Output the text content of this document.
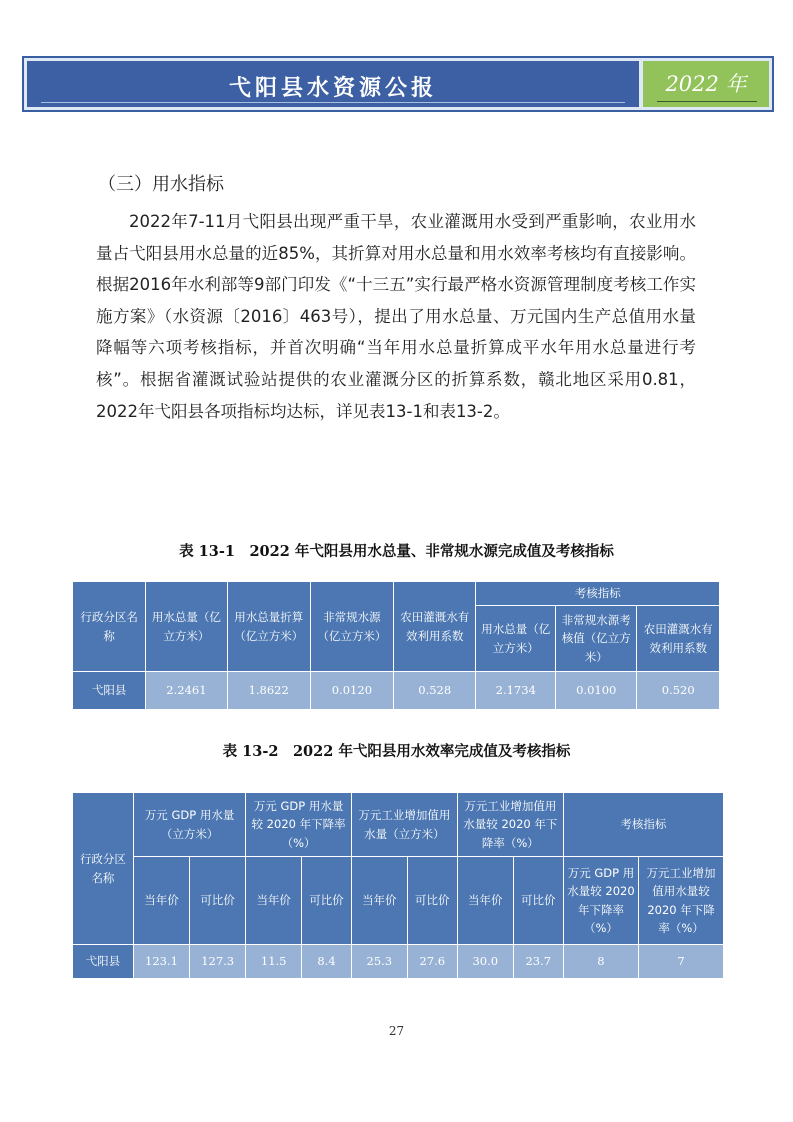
弋阳县水资源公报	2022 年
（三）用水指标

2022年7-11月弋阳县出现严重干旱，农业灌溉用水受到严重影响，农业用水量占弋阳县用水总量的近85%，其折算对用水总量和用水效率考核均有直接影响。根据2016年水利部等9部门印发《“十三五”实行最严格水资源管理制度考核工作实施方案》（水资源〔2016〕463号），提出了用水总量、万元国内生产总值用水量降幅等六项考核指标，并首次明确“当年用水总量折算成平水年用水总量进行考核”。根据省灌溉试验站提供的农业灌溉分区的折算系数，赣北地区采用0.81，2022年弋阳县各项指标均达标，详见表13-1和表13-2。

表 13-1　2022 年弋阳县用水总量、非常规水源完成值及考核指标
行政分区名称	用水总量（亿立方米）	用水总量折算（亿立方米）	非常规水源（亿立方米）	农田灌溉水有效利用系数	考核指标		
					用水总量（亿立方米）	非常规水源考核值（亿立方米）	农田灌溉水有效利用系数
弋阳县	2.2461	1.8622	0.0120	0.528	2.1734	0.0100	0.520
表 13-2　2022 年弋阳县用水效率完成值及考核指标
行政分区名称	万元 GDP 用水量（立方米）		万元 GDP 用水量较 2020 年下降率（%）		万元工业增加值用水量（立方米）		万元工业增加值用水量较 2020 年下降率（%）		考核指标	
	当年价	可比价	当年价	可比价	当年价	可比价	当年价	可比价	万元 GDP 用水量较 2020 年下降率（%）	万元工业增加值用水量较 2020 年下降率（%）
弋阳县	123.1	127.3	11.5	8.4	25.3	27.6	30.0	23.7	8	7
27
